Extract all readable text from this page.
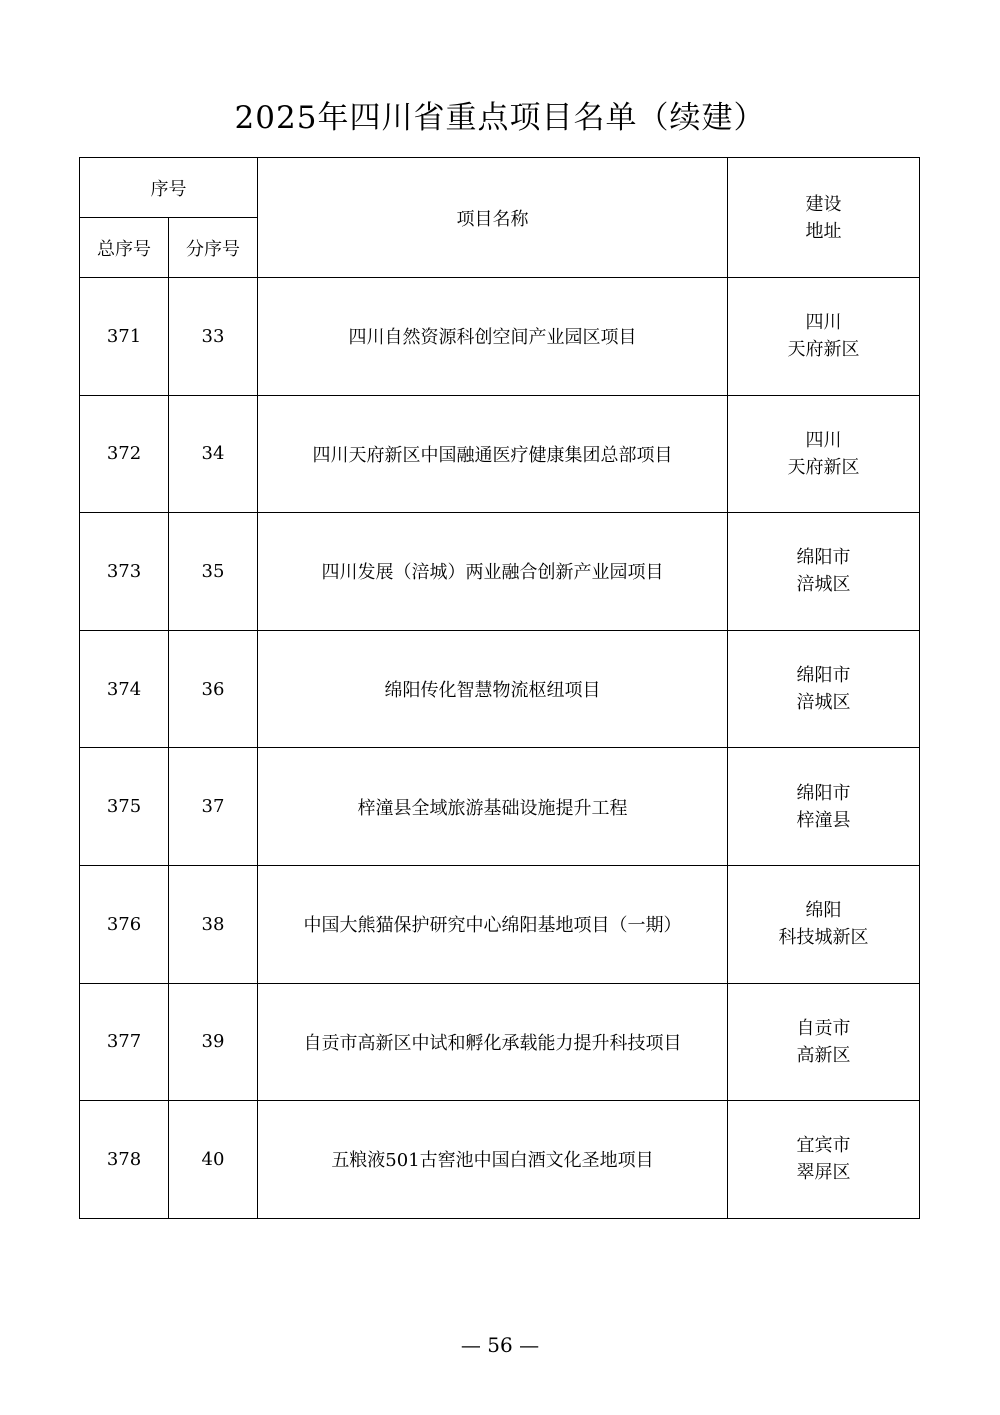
2025年四川省重点项目名单（续建）
序号		项目名称	建设
地址

总序号	分序号		
371	33	四川自然资源科创空间产业园区项目	四川
天府新区

372	34	四川天府新区中国融通医疗健康集团总部项目	四川
天府新区

373	35	四川发展（涪城）两业融合创新产业园项目	绵阳市
涪城区

374	36	绵阳传化智慧物流枢纽项目	绵阳市
涪城区

375	37	梓潼县全域旅游基础设施提升工程	绵阳市
梓潼县

376	38	中国大熊猫保护研究中心绵阳基地项目（一期）	绵阳
科技城新区

377	39	自贡市高新区中试和孵化承载能力提升科技项目	自贡市
高新区

378	40	五粮液501古窖池中国白酒文化圣地项目	宜宾市
翠屏区
— 56 —
